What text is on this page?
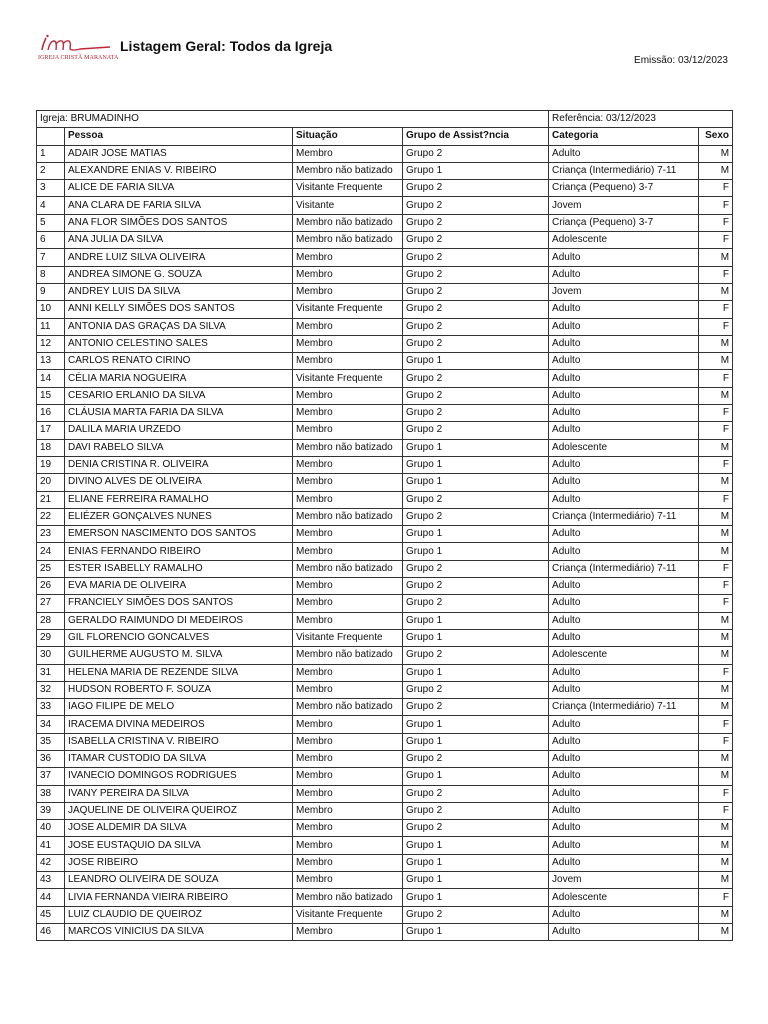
IGREJA CRISTÃ MARANATA
Listagem Geral: Todos da Igreja
Emissão: 03/12/2023
Igreja: BRUMADINHO				Referência: 03/12/2023	
	Pessoa	Situação	Grupo de Assist?ncia	Categoria	Sexo
1	ADAIR JOSE MATIAS	Membro	Grupo 2	Adulto	M
2	ALEXANDRE ENIAS V. RIBEIRO	Membro não batizado	Grupo 1	Criança (Intermediário) 7-11	M
3	ALICE DE FARIA SILVA	Visitante Frequente	Grupo 2	Criança (Pequeno) 3-7	F
4	ANA CLARA DE FARIA SILVA	Visitante	Grupo 2	Jovem	F
5	ANA FLOR SIMÕES DOS SANTOS	Membro não batizado	Grupo 2	Criança (Pequeno) 3-7	F
6	ANA JULIA DA SILVA	Membro não batizado	Grupo 2	Adolescente	F
7	ANDRE LUIZ SILVA OLIVEIRA	Membro	Grupo 2	Adulto	M
8	ANDREA SIMONE G. SOUZA	Membro	Grupo 2	Adulto	F
9	ANDREY LUIS DA SILVA	Membro	Grupo 2	Jovem	M
10	ANNI KELLY SIMÕES DOS SANTOS	Visitante Frequente	Grupo 2	Adulto	F
11	ANTONIA DAS GRAÇAS DA SILVA	Membro	Grupo 2	Adulto	F
12	ANTONIO CELESTINO SALES	Membro	Grupo 2	Adulto	M
13	CARLOS RENATO CIRINO	Membro	Grupo 1	Adulto	M
14	CÉLIA MARIA NOGUEIRA	Visitante Frequente	Grupo 2	Adulto	F
15	CESARIO ERLANIO DA SILVA	Membro	Grupo 2	Adulto	M
16	CLÁUSIA MARTA FARIA DA SILVA	Membro	Grupo 2	Adulto	F
17	DALILA MARIA URZEDO	Membro	Grupo 2	Adulto	F
18	DAVI RABELO SILVA	Membro não batizado	Grupo 1	Adolescente	M
19	DENIA CRISTINA R. OLIVEIRA	Membro	Grupo 1	Adulto	F
20	DIVINO ALVES DE OLIVEIRA	Membro	Grupo 1	Adulto	M
21	ELIANE FERREIRA RAMALHO	Membro	Grupo 2	Adulto	F
22	ELIÉZER GONÇALVES NUNES	Membro não batizado	Grupo 2	Criança (Intermediário) 7-11	M
23	EMERSON NASCIMENTO DOS SANTOS	Membro	Grupo 1	Adulto	M
24	ENIAS FERNANDO RIBEIRO	Membro	Grupo 1	Adulto	M
25	ESTER ISABELLY RAMALHO	Membro não batizado	Grupo 2	Criança (Intermediário) 7-11	F
26	EVA MARIA DE OLIVEIRA	Membro	Grupo 2	Adulto	F
27	FRANCIELY SIMÕES DOS SANTOS	Membro	Grupo 2	Adulto	F
28	GERALDO RAIMUNDO DI MEDEIROS	Membro	Grupo 1	Adulto	M
29	GIL FLORENCIO GONCALVES	Visitante Frequente	Grupo 1	Adulto	M
30	GUILHERME AUGUSTO M. SILVA	Membro não batizado	Grupo 2	Adolescente	M
31	HELENA MARIA DE REZENDE SILVA	Membro	Grupo 1	Adulto	F
32	HUDSON ROBERTO F. SOUZA	Membro	Grupo 2	Adulto	M
33	IAGO FILIPE DE MELO	Membro não batizado	Grupo 2	Criança (Intermediário) 7-11	M
34	IRACEMA DIVINA MEDEIROS	Membro	Grupo 1	Adulto	F
35	ISABELLA CRISTINA V. RIBEIRO	Membro	Grupo 1	Adulto	F
36	ITAMAR CUSTODIO DA SILVA	Membro	Grupo 2	Adulto	M
37	IVANECIO DOMINGOS RODRIGUES	Membro	Grupo 1	Adulto	M
38	IVANY PEREIRA DA SILVA	Membro	Grupo 2	Adulto	F
39	JAQUELINE DE OLIVEIRA QUEIROZ	Membro	Grupo 2	Adulto	F
40	JOSE ALDEMIR DA SILVA	Membro	Grupo 2	Adulto	M
41	JOSE EUSTAQUIO DA SILVA	Membro	Grupo 1	Adulto	M
42	JOSE RIBEIRO	Membro	Grupo 1	Adulto	M
43	LEANDRO OLIVEIRA DE SOUZA	Membro	Grupo 1	Jovem	M
44	LIVIA FERNANDA VIEIRA RIBEIRO	Membro não batizado	Grupo 1	Adolescente	F
45	LUIZ CLAUDIO DE QUEIROZ	Visitante Frequente	Grupo 2	Adulto	M
46	MARCOS VINICIUS DA SILVA	Membro	Grupo 1	Adulto	M
